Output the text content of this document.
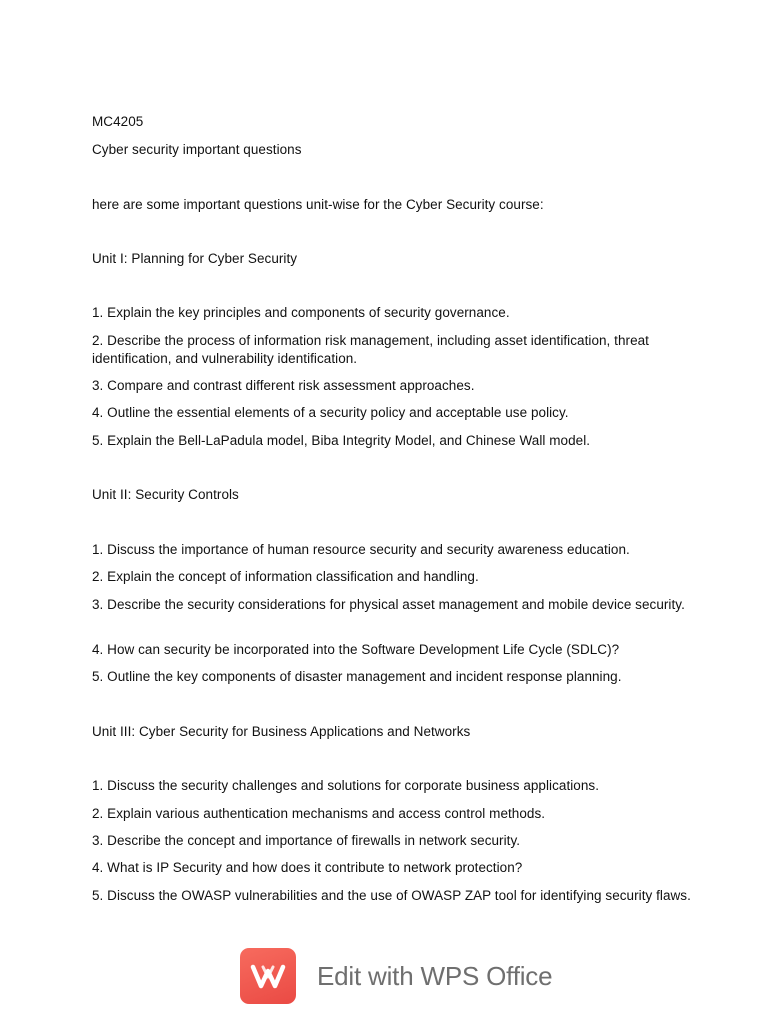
MC4205
Cyber security important questions
here are some important questions unit-wise for the Cyber Security course:
Unit I: Planning for Cyber Security
1. Explain the key principles and components of security governance.
2. Describe the process of information risk management, including asset identification, threat identification, and vulnerability identification.
3. Compare and contrast different risk assessment approaches.
4. Outline the essential elements of a security policy and acceptable use policy.
5. Explain the Bell-LaPadula model, Biba Integrity Model, and Chinese Wall model.
Unit II: Security Controls
1. Discuss the importance of human resource security and security awareness education.
2. Explain the concept of information classification and handling.
3. Describe the security considerations for physical asset management and mobile device security.
4. How can security be incorporated into the Software Development Life Cycle (SDLC)?
5. Outline the key components of disaster management and incident response planning.
Unit III: Cyber Security for Business Applications and Networks
1. Discuss the security challenges and solutions for corporate business applications.
2. Explain various authentication mechanisms and access control methods.
3. Describe the concept and importance of firewalls in network security.
4. What is IP Security and how does it contribute to network protection?
5. Discuss the OWASP vulnerabilities and the use of OWASP ZAP tool for identifying security flaws.
Edit with WPS Office
